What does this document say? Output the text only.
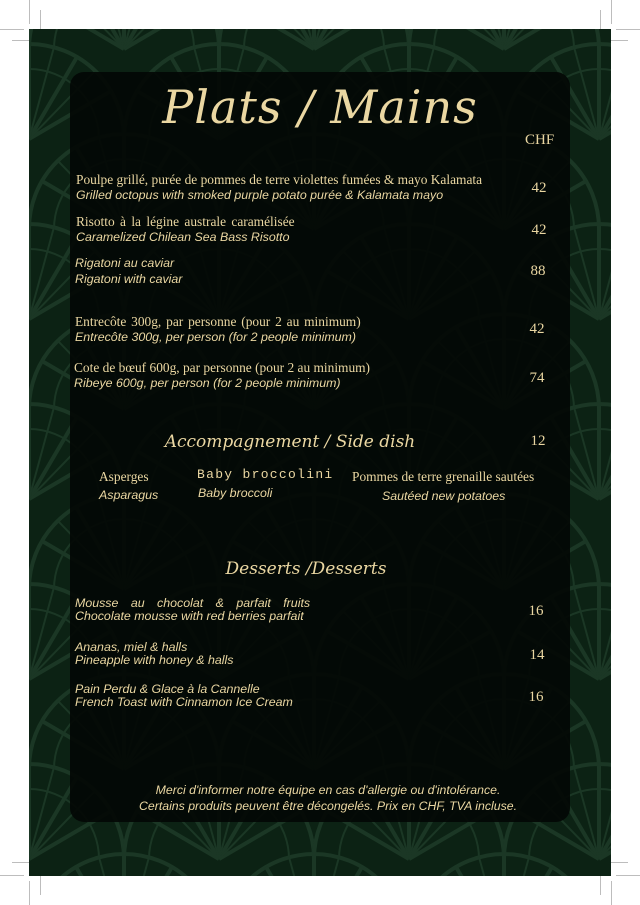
Plats / Mains
CHF
Poulpe grillé, purée de pommes de terre violettes fumées & mayo Kalamata
Grilled octopus with smoked purple potato purée & Kalamata mayo	42
Risotto à la légine australe caramélisée
Caramelized Chilean Sea Bass Risotto	42
Rigatoni au caviar
Rigatoni with caviar	88
Entrecôte 300g, par personne (pour 2 au minimum)
Entrecôte 300g, per person (for 2 people minimum)	42
Cote de bœuf 600g, par personne (pour 2 au minimum)
Ribeye 600g, per person (for 2 people minimum)	74
Accompagnement / Side dish	12
Asperges
Asparagus
Baby broccolini
Baby broccoli
Pommes de terre grenaille sautées
Sautéed new potatoes
Desserts /Desserts
Mousse au chocolat & parfait fruits
Chocolate mousse with red berries parfait	16
Ananas, miel & halls
Pineapple with honey & halls	14
Pain Perdu & Glace à la Cannelle
French Toast with Cinnamon Ice Cream	16
Merci d'informer notre équipe en cas d'allergie ou d'intolérance.
Certains produits peuvent être décongelés. Prix en CHF, TVA incluse.
